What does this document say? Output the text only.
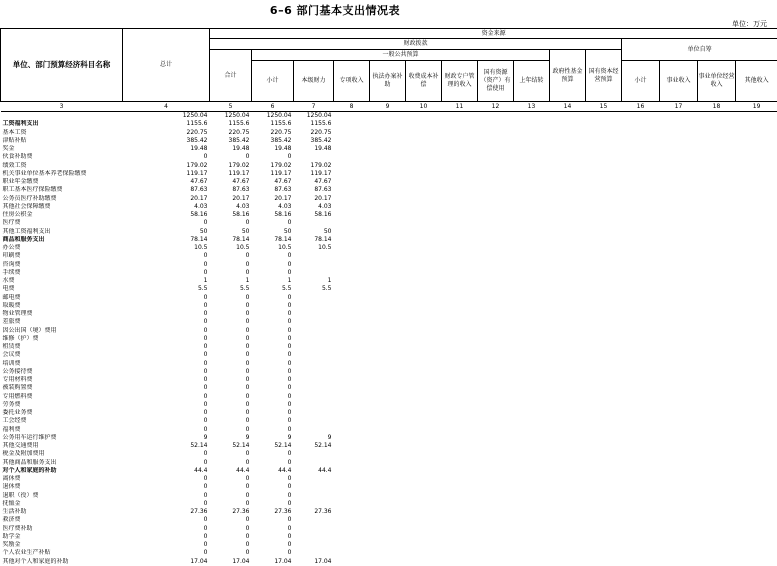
6–6 部门基本支出情况表
单位：万元
单位、部门预算经济科目名称	总计	资金来源														
		财政拨款											单位自筹			
		合计	一般公共预算								政府性基金预算	国有资本经营预算				
			小计	本级财力	专项收入	执法办案补助	收费成本补偿	财政专户管理的收入	国有资源（资产）有偿使用	上年结转			小计	事业收入	事业单位经营收入	其他收入
3	4	5	6	7	8	9	10	11	12	13	14	15	16	17	18	19
	1250.04	1250.04	1250.04	1250.04												
工资福利支出	1155.6	1155.6	1155.6	1155.6												
基本工资	220.75	220.75	220.75	220.75												
津贴补贴	385.42	385.42	385.42	385.42												
奖金	19.48	19.48	19.48	19.48												
伙食补助费	0	0	0													
绩效工资	179.02	179.02	179.02	179.02												
机关事业单位基本养老保险缴费	119.17	119.17	119.17	119.17												
职业年金缴费	47.67	47.67	47.67	47.67												
职工基本医疗保险缴费	87.63	87.63	87.63	87.63												
公务员医疗补助缴费	20.17	20.17	20.17	20.17												
其他社会保障缴费	4.03	4.03	4.03	4.03												
住房公积金	58.16	58.16	58.16	58.16												
医疗费	0	0	0													
其他工资福利支出	50	50	50	50												
商品和服务支出	78.14	78.14	78.14	78.14												
办公费	10.5	10.5	10.5	10.5												
印刷费	0	0	0													
咨询费	0	0	0													
手续费	0	0	0													
水费	1	1	1	1												
电费	5.5	5.5	5.5	5.5												
邮电费	0	0	0													
取暖费	0	0	0													
物业管理费	0	0	0													
差旅费	0	0	0													
因公出国（境）费用	0	0	0													
维修（护）费	0	0	0													
租赁费	0	0	0													
会议费	0	0	0													
培训费	0	0	0													
公务接待费	0	0	0													
专用材料费	0	0	0													
被装购置费	0	0	0													
专用燃料费	0	0	0													
劳务费	0	0	0													
委托业务费	0	0	0													
工会经费	0	0	0													
福利费	0	0	0													
公务用车运行维护费	9	9	9	9												
其他交通费用	52.14	52.14	52.14	52.14												
税金及附加费用	0	0	0													
其他商品和服务支出	0	0	0													
对个人和家庭的补助	44.4	44.4	44.4	44.4												
离休费	0	0	0													
退休费	0	0	0													
退职（役）费	0	0	0													
抚恤金	0	0	0													
生活补助	27.36	27.36	27.36	27.36												
救济费	0	0	0													
医疗费补助	0	0	0													
助学金	0	0	0													
奖励金	0	0	0													
个人农业生产补贴	0	0	0													
其他对个人和家庭的补助	17.04	17.04	17.04	17.04												
